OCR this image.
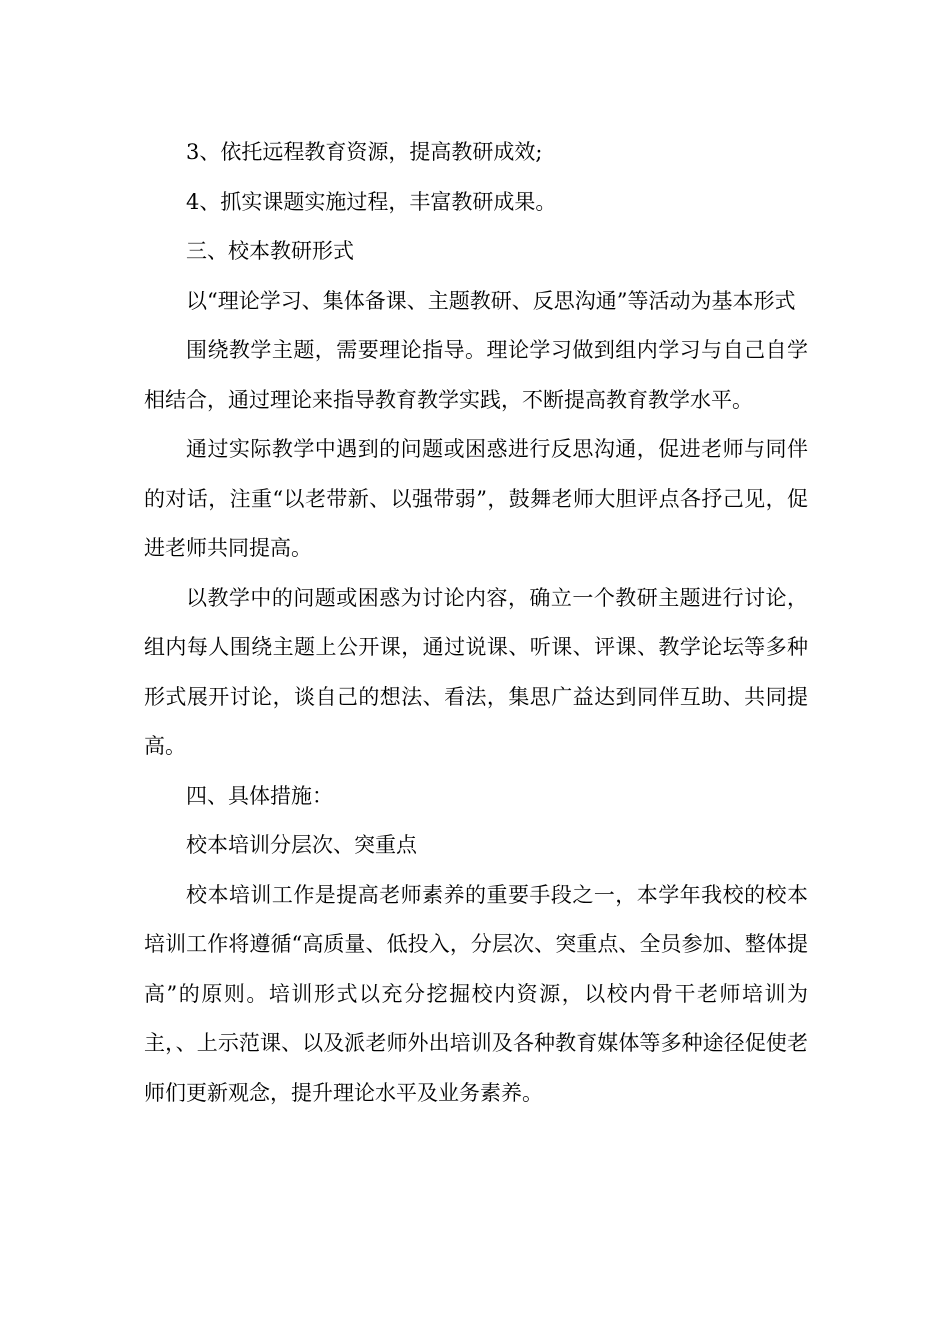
3、依托远程教育资源，提高教研成效;

4、抓实课题实施过程，丰富教研成果。

三、校本教研形式

以“理论学习、集体备课、主题教研、反思沟通”等活动为基本形式

围绕教学主题，需要理论指导。理论学习做到组内学习与自己自学相结合，通过理论来指导教育教学实践，不断提高教育教学水平。

通过实际教学中遇到的问题或困惑进行反思沟通，促进老师与同伴的对话，注重“以老带新、以强带弱”，鼓舞老师大胆评点各抒己见，促进老师共同提高。

以教学中的问题或困惑为讨论内容，确立一个教研主题进行讨论，组内每人围绕主题上公开课，通过说课、听课、评课、教学论坛等多种形式展开讨论，谈自己的想法、看法，集思广益达到同伴互助、共同提高。

四、具体措施：

校本培训分层次、突重点

校本培训工作是提高老师素养的重要手段之一，本学年我校的校本培训工作将遵循“高质量、低投入，分层次、突重点、全员参加、整体提高”的原则。培训形式以充分挖掘校内资源，以校内骨干老师培训为主，、上示范课、以及派老师外出培训及各种教育媒体等多种途径促使老师们更新观念，提升理论水平及业务素养。
